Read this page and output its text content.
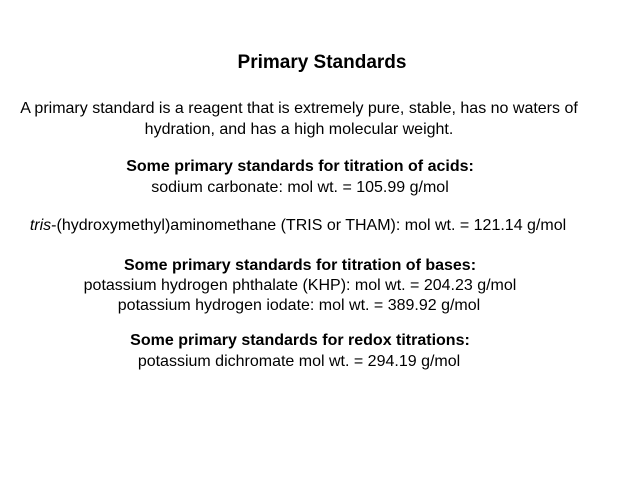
Primary Standards
A primary standard is a reagent that is extremely pure, stable, has no waters of
hydration, and has a high molecular weight.
Some primary standards for titration of acids:
sodium carbonate: mol wt. = 105.99 g/mol
tris-(hydroxymethyl)aminomethane (TRIS or THAM): mol wt. = 121.14 g/mol
Some primary standards for titration of bases:
potassium hydrogen phthalate (KHP): mol wt. = 204.23 g/mol
potassium hydrogen iodate: mol wt. = 389.92 g/mol
Some primary standards for redox titrations:
potassium dichromate mol wt. = 294.19 g/mol
